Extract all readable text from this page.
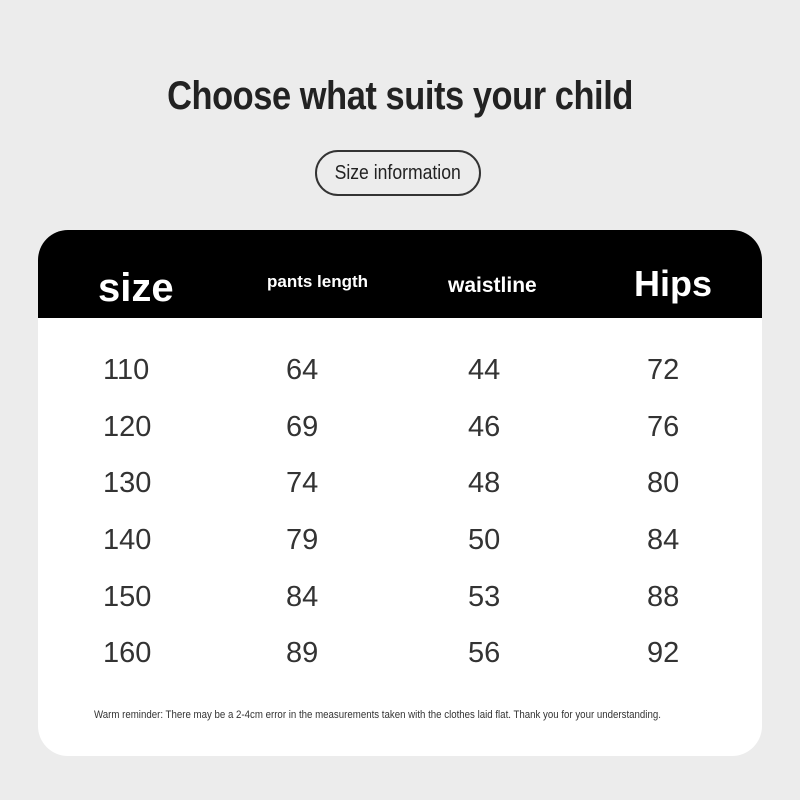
Choose what suits your child
Size information
size	pants length	waistline	Hips
110	64	44	72
120	69	46	76
130	74	48	80
140	79	50	84
150	84	53	88
160	89	56	92
Warm reminder: There may be a 2-4cm error in the measurements taken with the clothes laid flat. Thank you for your understanding.
